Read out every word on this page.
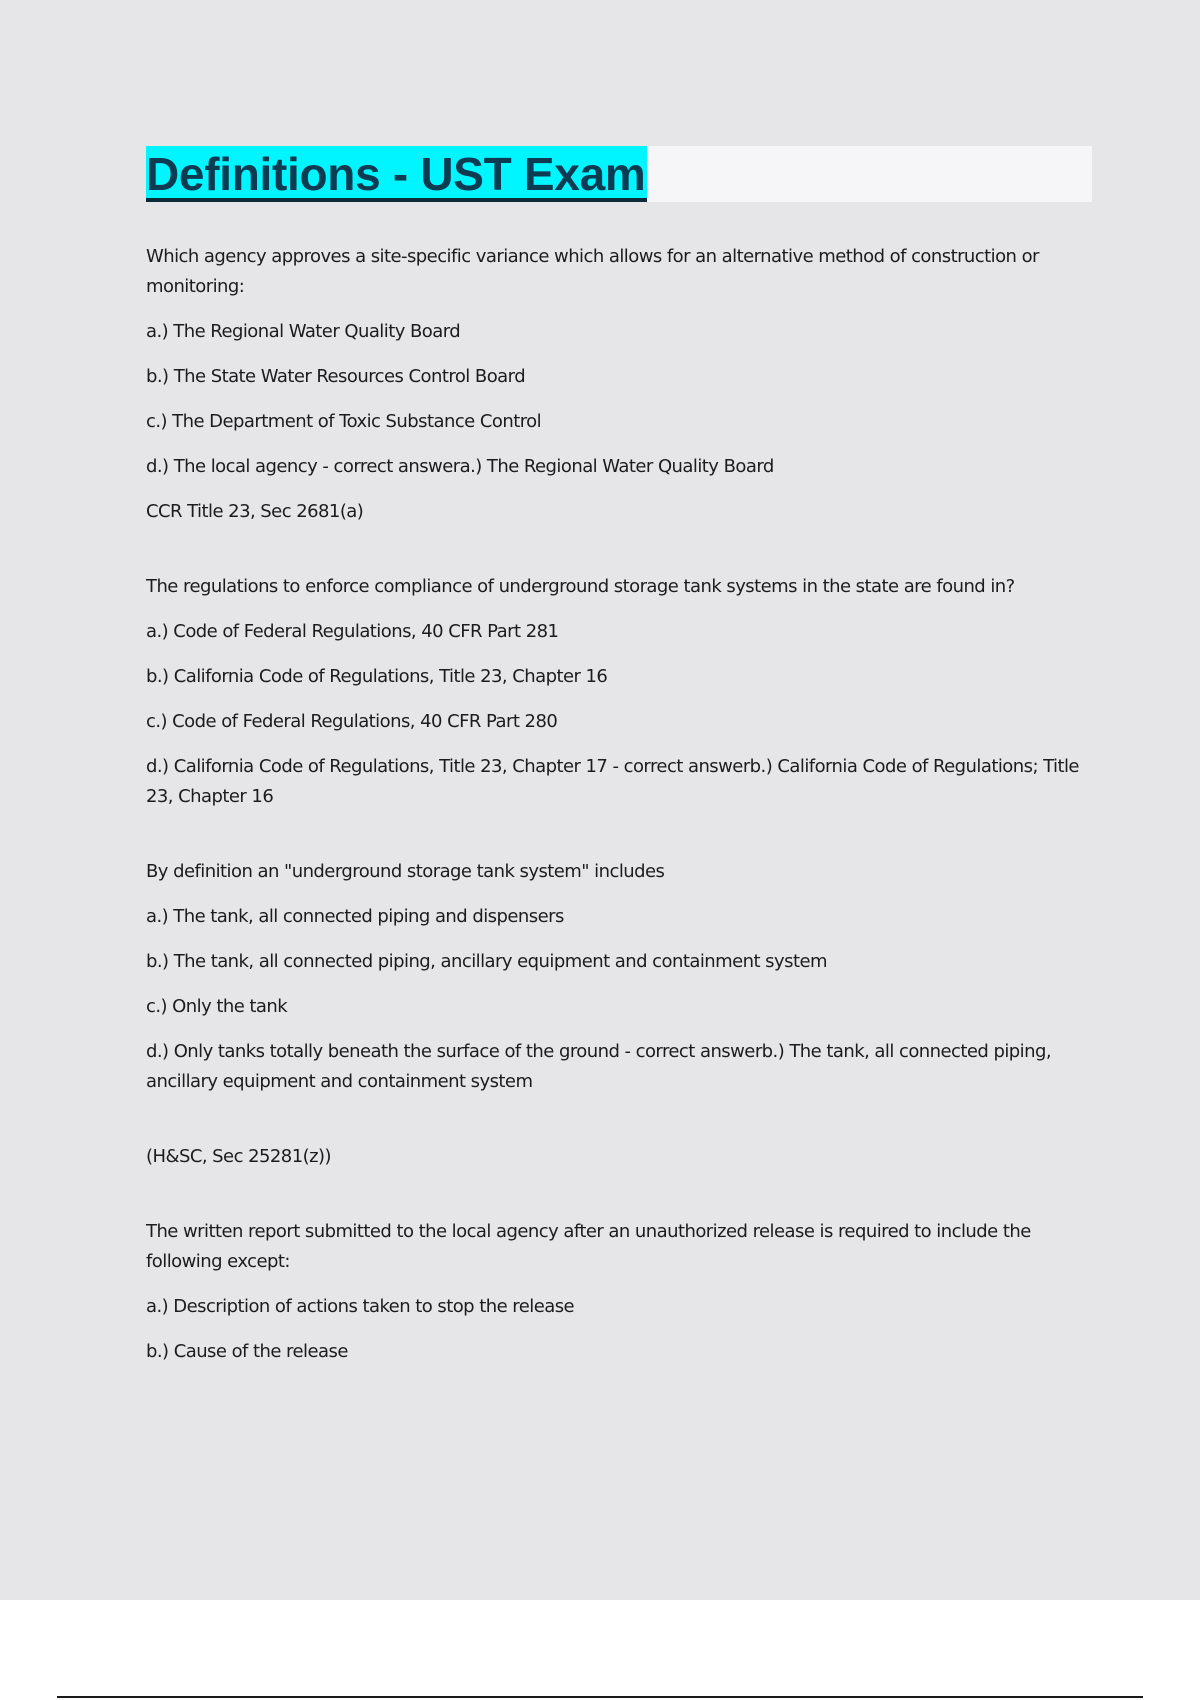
Definitions - UST Exam

Which agency approves a site-specific variance which allows for an alternative method of construction or monitoring:

a.) The Regional Water Quality Board

b.) The State Water Resources Control Board

c.) The Department of Toxic Substance Control

d.) The local agency - correct answera.) The Regional Water Quality Board

CCR Title 23, Sec 2681(a)

The regulations to enforce compliance of underground storage tank systems in the state are found in?

a.) Code of Federal Regulations, 40 CFR Part 281

b.) California Code of Regulations, Title 23, Chapter 16

c.) Code of Federal Regulations, 40 CFR Part 280

d.) California Code of Regulations, Title 23, Chapter 17 - correct answerb.) California Code of Regulations; Title 23, Chapter 16

By definition an "underground storage tank system" includes

a.) The tank, all connected piping and dispensers

b.) The tank, all connected piping, ancillary equipment and containment system

c.) Only the tank

d.) Only tanks totally beneath the surface of the ground - correct answerb.) The tank, all connected piping, ancillary equipment and containment system

(H&SC, Sec 25281(z))

The written report submitted to the local agency after an unauthorized release is required to include the following except:

a.) Description of actions taken to stop the release

b.) Cause of the release
